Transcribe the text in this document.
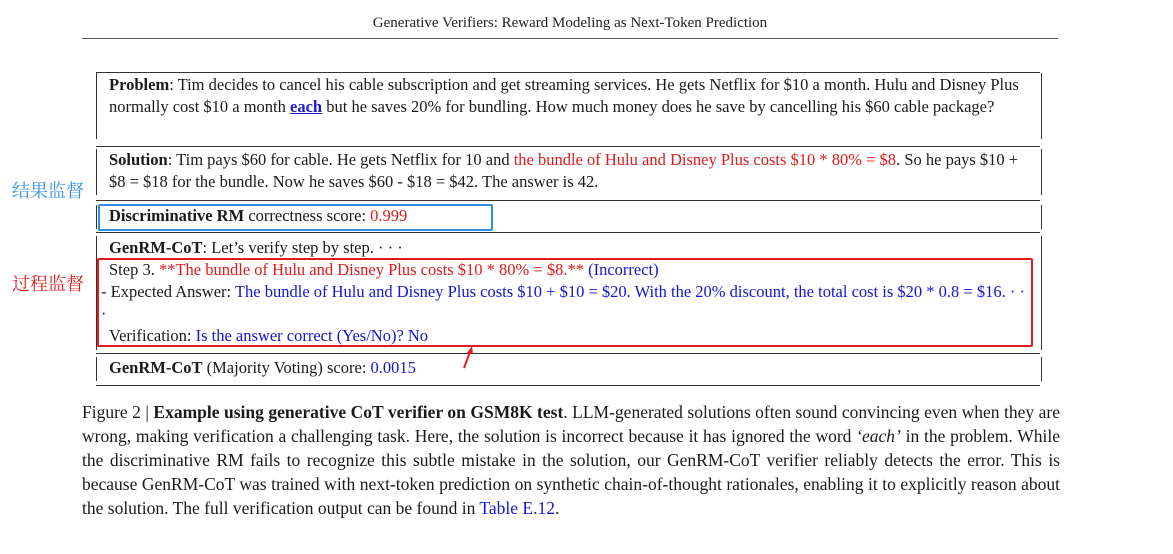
Generative Verifiers: Reward Modeling as Next-Token Prediction
Problem: Tim decides to cancel his cable subscription and get streaming services. He gets Netflix for $10 a month. Hulu and Disney Plus normally cost $10 a month each but he saves 20% for bundling. How much money does he save by cancelling his $60 cable package?
Solution: Tim pays $60 for cable. He gets Netflix for 10 and the bundle of Hulu and Disney Plus costs $10 * 80% = $8. So he pays $10 + $8 = $18 for the bundle. Now he saves $60 - $18 = $42. The answer is 42.
Discriminative RM correctness score: 0.999
GenRM-CoT: Let’s verify step by step. · · ·
Step 3. **The bundle of Hulu and Disney Plus costs $10 * 80% = $8.** (Incorrect)
- Expected Answer: The bundle of Hulu and Disney Plus costs $10 + $10 = $20. With the 20% discount, the total cost is $20 * 0.8 = $16. · · ·
Verification: Is the answer correct (Yes/No)? No
GenRM-CoT (Majority Voting) score: 0.0015
结果监督
过程监督
Figure 2 | Example using generative CoT verifier on GSM8K test. LLM-generated solutions often sound convincing even when they are wrong, making verification a challenging task. Here, the solution is incorrect because it has ignored the word ‘each’ in the problem. While the discriminative RM fails to recognize this subtle mistake in the solution, our GenRM-CoT verifier reliably detects the error. This is because GenRM-CoT was trained with next-token prediction on synthetic chain-of-thought rationales, enabling it to explicitly reason about the solution. The full verification output can be found in Table E.12.
